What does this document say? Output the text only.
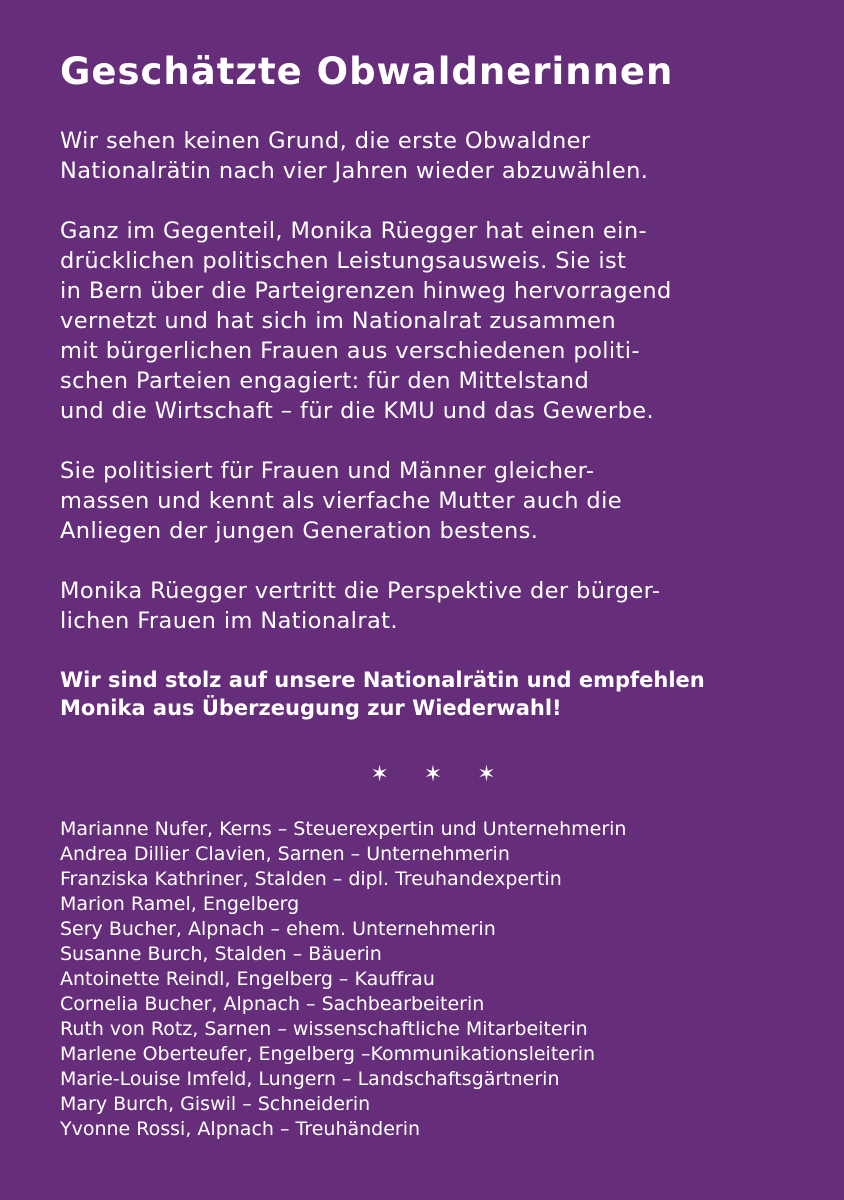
Geschätzte Obwaldnerinnen
Wir sehen keinen Grund, die erste Obwaldner
Nationalrätin nach vier Jahren wieder abzuwählen.
Ganz im Gegenteil, Monika Rüegger hat einen ein-
drücklichen politischen Leistungsausweis. Sie ist
in Bern über die Parteigrenzen hinweg hervorragend
vernetzt und hat sich im Nationalrat zusammen
mit bürgerlichen Frauen aus verschiedenen politi-
schen Parteien engagiert: für den Mittelstand
und die Wirtschaft – für die KMU und das Gewerbe.
Sie politisiert für Frauen und Männer gleicher-
massen und kennt als vierfache Mutter auch die
Anliegen der jungen Generation bestens.
Monika Rüegger vertritt die Perspektive der bürger-
lichen Frauen im Nationalrat.
Wir sind stolz auf unsere Nationalrätin und empfehlen
Monika aus Überzeugung zur Wiederwahl!
✶ ✶ ✶
Marianne Nufer, Kerns – Steuerexpertin und Unternehmerin
Andrea Dillier Clavien, Sarnen – Unternehmerin
Franziska Kathriner, Stalden – dipl. Treuhandexpertin
Marion Ramel, Engelberg
Sery Bucher, Alpnach – ehem. Unternehmerin
Susanne Burch, Stalden – Bäuerin
Antoinette Reindl, Engelberg – Kauffrau
Cornelia Bucher, Alpnach – Sachbearbeiterin
Ruth von Rotz, Sarnen – wissenschaftliche Mitarbeiterin
Marlene Oberteufer, Engelberg –Kommunikationsleiterin
Marie-Louise Imfeld, Lungern – Landschaftsgärtnerin
Mary Burch, Giswil – Schneiderin
Yvonne Rossi, Alpnach – Treuhänderin
